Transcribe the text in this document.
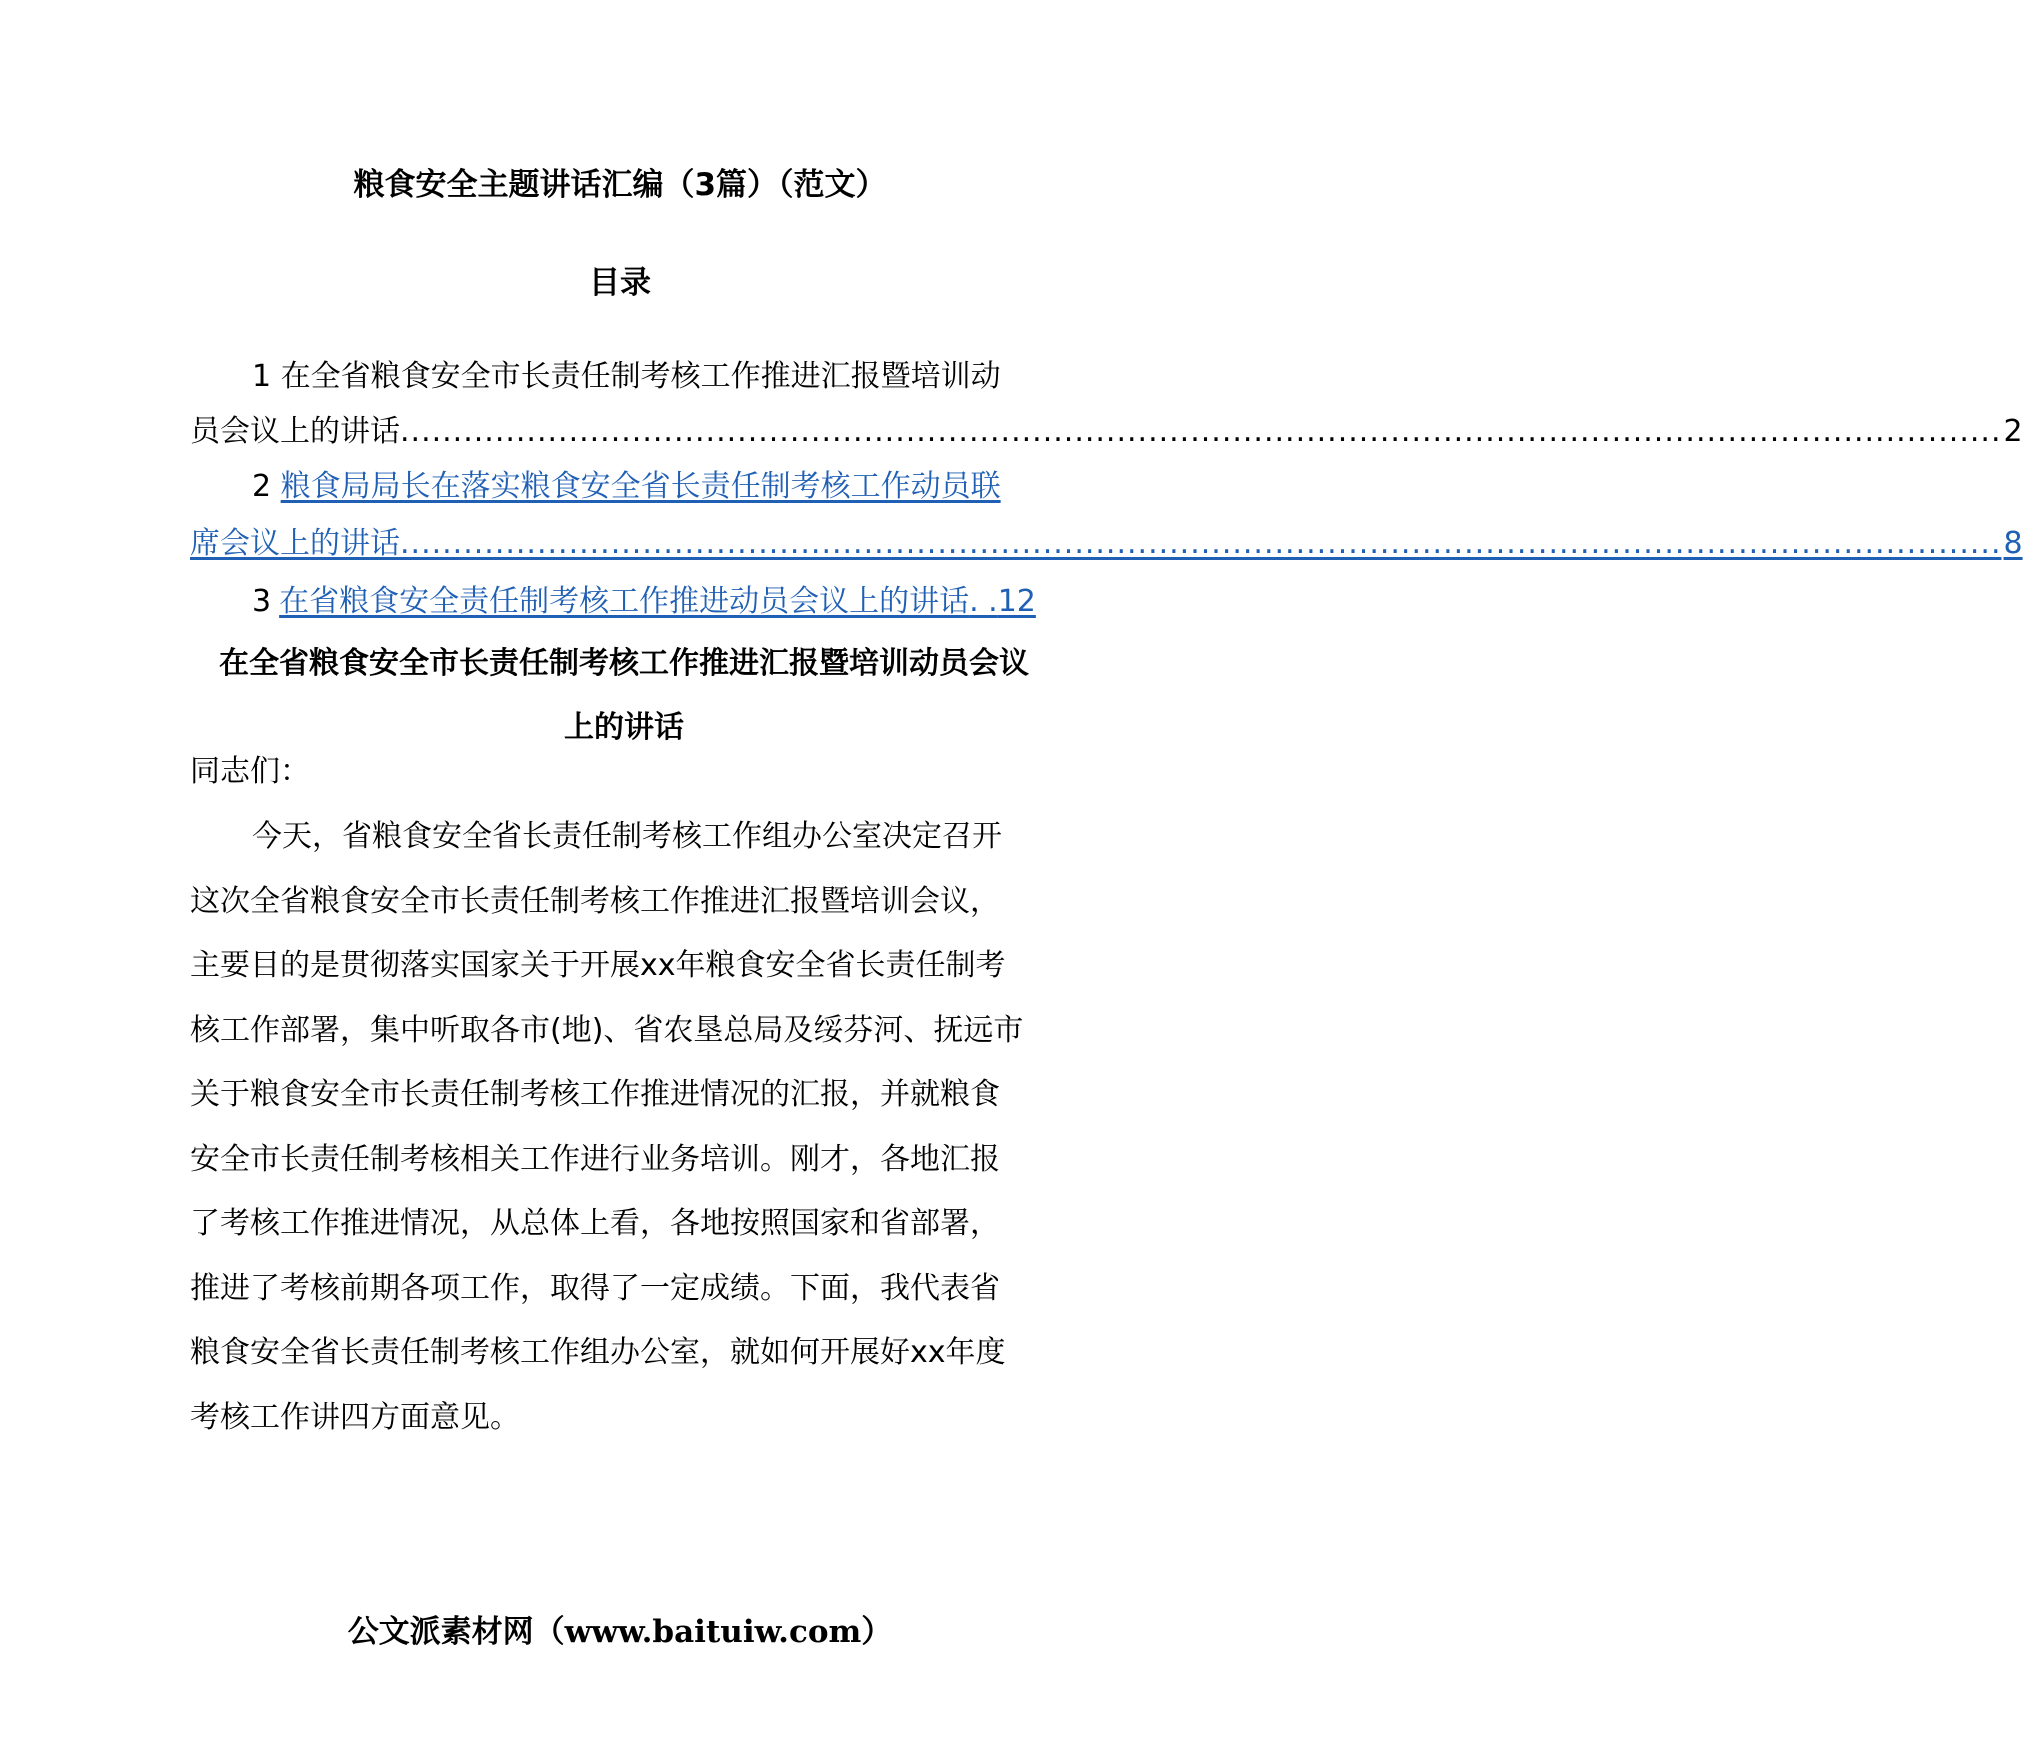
粮食安全主题讲话汇编（3篇）（范文）
目录
1 在全省粮食安全市长责任制考核工作推进汇报暨培训动
员会议上的讲话 ........................................................................................................................................................ 2
2 粮食局局长在落实粮食安全省长责任制考核工作动员联
席会议上的讲话 ........................................................................................................................................................ 8
3 在省粮食安全责任制考核工作推进动员会议上的讲话 . . 12
在全省粮食安全市长责任制考核工作推进汇报暨培训动员会议
上的讲话
同志们：
今天，省粮食安全省长责任制考核工作组办公室决定召开
这次全省粮食安全市长责任制考核工作推进汇报暨培训会议，
主要目的是贯彻落实国家关于开展xx年粮食安全省长责任制考
核工作部署，集中听取各市(地)、省农垦总局及绥芬河、抚远市
关于粮食安全市长责任制考核工作推进情况的汇报，并就粮食
安全市长责任制考核相关工作进行业务培训。刚才，各地汇报
了考核工作推进情况，从总体上看，各地按照国家和省部署，
推进了考核前期各项工作，取得了一定成绩。下面，我代表省
粮食安全省长责任制考核工作组办公室，就如何开展好xx年度
考核工作讲四方面意见。
公文派素材网（www.baituiw.com）
